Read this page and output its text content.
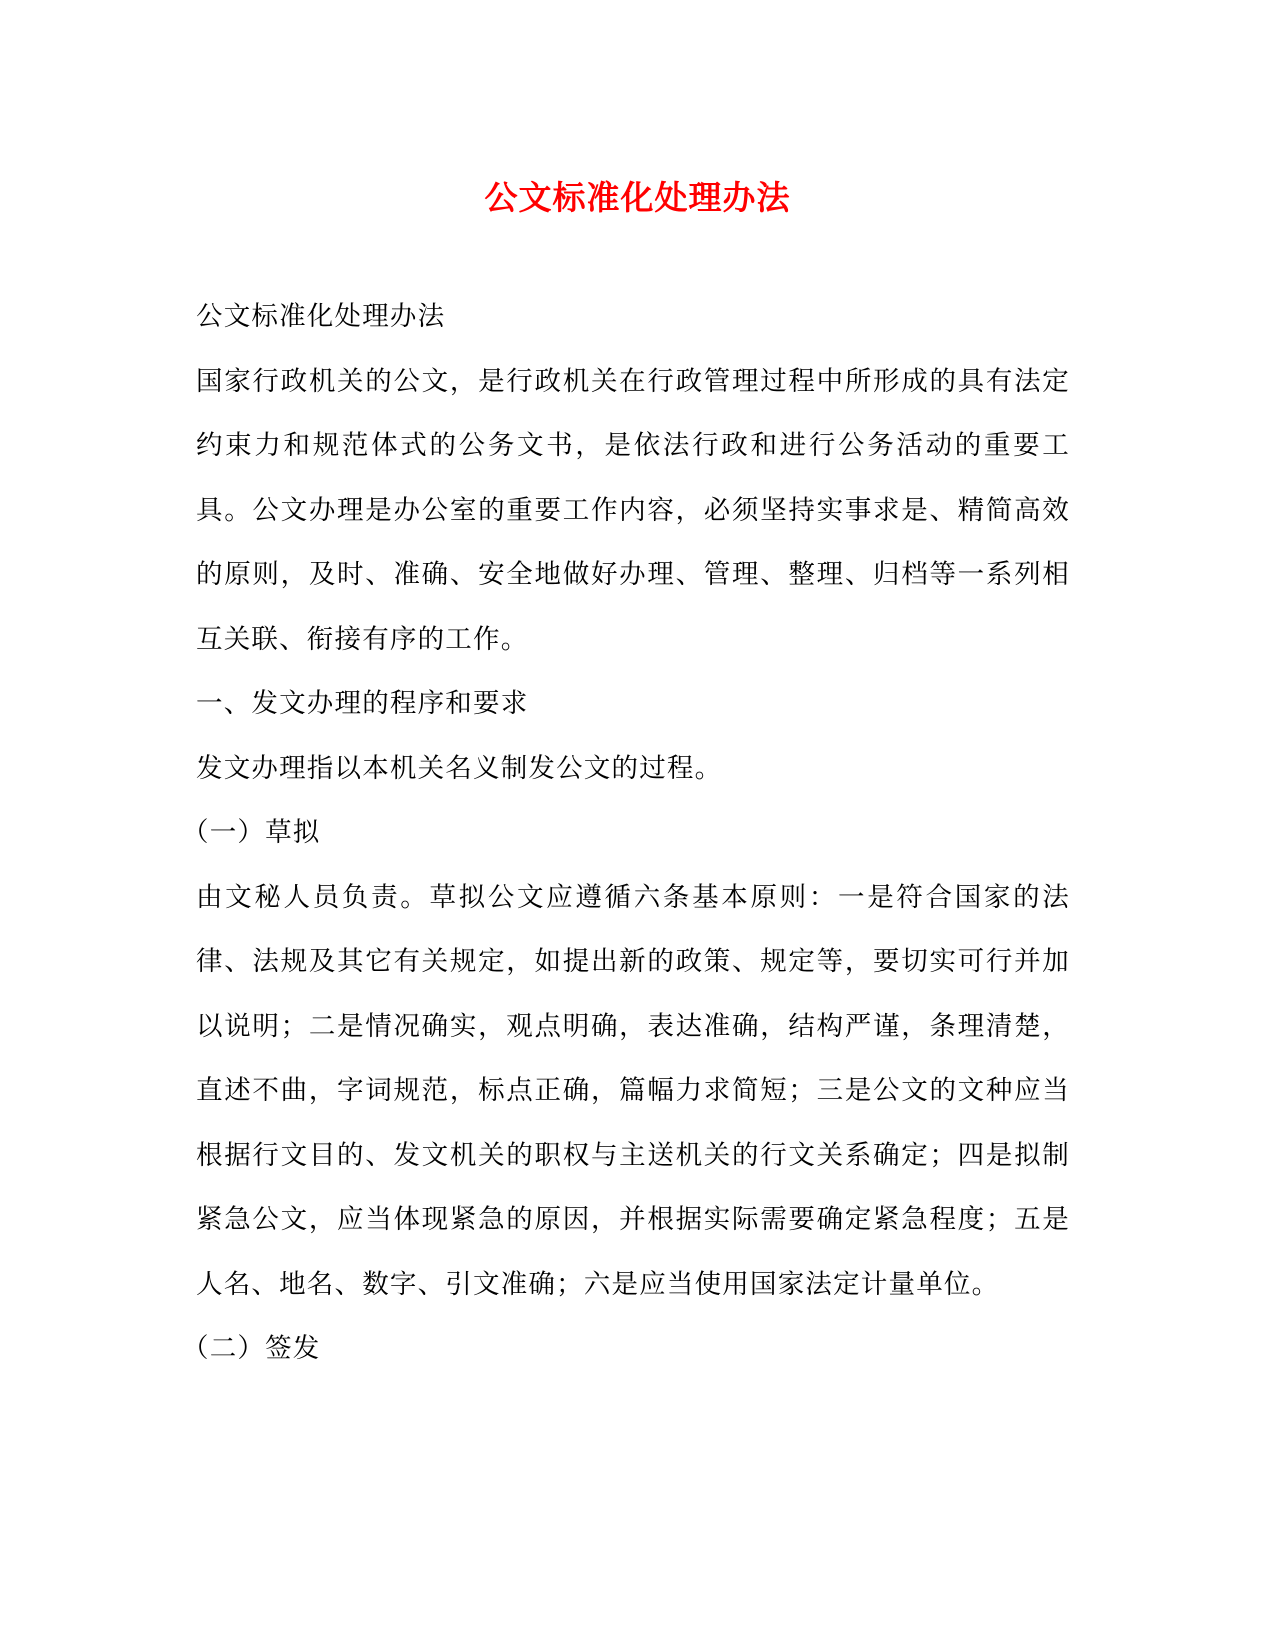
公文标准化处理办法

公文标准化处理办法

国家行政机关的公文，是行政机关在行政管理过程中所形成的具有法定约束力和规范体式的公务文书，是依法行政和进行公务活动的重要工具。公文办理是办公室的重要工作内容，必须坚持实事求是、精简高效的原则，及时、准确、安全地做好办理、管理、整理、归档等一系列相互关联、衔接有序的工作。

一、发文办理的程序和要求

发文办理指以本机关名义制发公文的过程。

（一）草拟

由文秘人员负责。草拟公文应遵循六条基本原则：一是符合国家的法律、法规及其它有关规定，如提出新的政策、规定等，要切实可行并加以说明；二是情况确实，观点明确，表达准确，结构严谨，条理清楚，直述不曲，字词规范，标点正确，篇幅力求简短；三是公文的文种应当根据行文目的、发文机关的职权与主送机关的行文关系确定；四是拟制紧急公文，应当体现紧急的原因，并根据实际需要确定紧急程度；五是人名、地名、数字、引文准确；六是应当使用国家法定计量单位。

（二）签发
